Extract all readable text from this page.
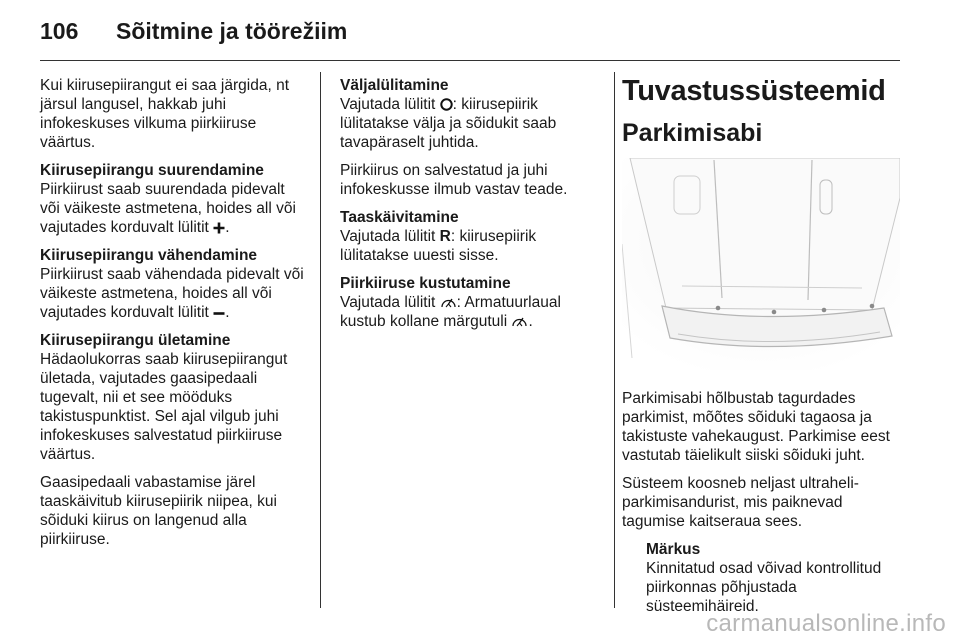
106	Sõitmine ja töörežiim

Kui kiirusepiirangut ei saa järgida, nt järsul langusel, hakkab juhi infokeskuses vilkuma piirkiiruse väärtus.

Kiirusepiirangu suurendamine
Piirkiirust saab suurendada pidevalt või väikeste astmetena, hoides all või vajutades korduvalt lülitit .

Kiirusepiirangu vähendamine
Piirkiirust saab vähendada pidevalt või väikeste astmetena, hoides all või vajutades korduvalt lülitit .

Kiirusepiirangu ületamine
Hädaolukorras saab kiirusepiirangut ületada, vajutades gaasipedaali tugevalt, nii et see mööduks takistuspunktist. Sel ajal vilgub juhi infokeskuses salvestatud piirkiiruse väärtus.

Gaasipedaali vabastamise järel taaskäivitub kiirusepiirik niipea, kui sõiduki kiirus on langenud alla piirkiiruse.

Väljalülitamine
Vajutada lülitit : kiirusepiirik lülitatakse välja ja sõidukit saab tavapäraselt juhtida.

Piirkiirus on salvestatud ja juhi infokeskusse ilmub vastav teade.

Taaskäivitamine
Vajutada lülitit R: kiirusepiirik lülitatakse uuesti sisse.

Piirkiiruse kustutamine
Vajutada lülitit : Armatuurlaual kustub kollane märgutuli .

Tuvastussüsteemid
Parkimisabi

Parkimisabi hõlbustab tagurdades parkimist, mõõtes sõiduki tagaosa ja takistuste vahekaugust. Parkimise eest vastutab täielikult siiski sõiduki juht.

Süsteem koosneb neljast ultraheli-parkimisandurist, mis paiknevad tagumise kaitseraua sees.

Märkus
Kinnitatud osad võivad kontrollitud piirkonnas põhjustada süsteemihäireid.
carmanualsonline.info
